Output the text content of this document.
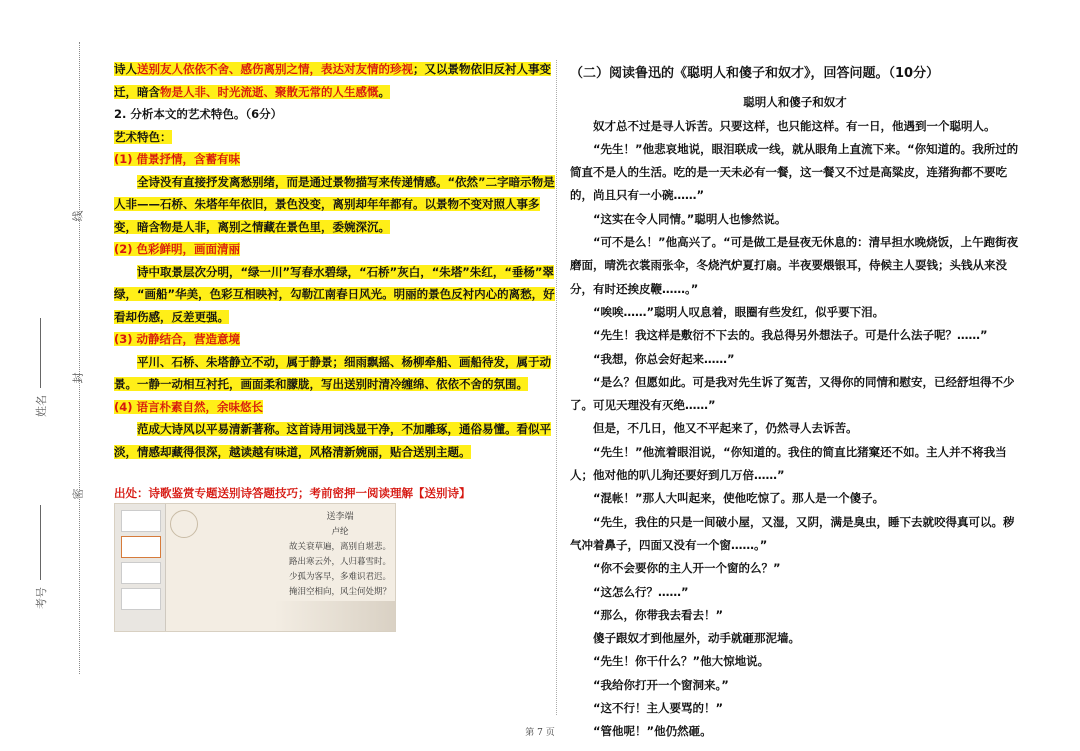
姓名
考号
线
封
密

诗人送别友人依依不舍、感伤离别之情，表达对友情的珍视；又以景物依旧反衬人事变迁，暗含物是人非、时光流逝、聚散无常的人生感慨。

2. 分析本文的艺术特色。（6分）

艺术特色：

(1) 借景抒情，含蓄有味

全诗没有直接抒发离愁别绪，而是通过景物描写来传递情感。“依然”二字暗示物是人非——石桥、朱塔年年依旧，景色没变，离别却年年都有。以景物不变对照人事多变，暗含物是人非，离别之情藏在景色里，委婉深沉。

(2) 色彩鲜明，画面清丽

诗中取景层次分明，“绿一川”写春水碧绿，“石桥”灰白，“朱塔”朱红，“垂杨”翠绿，“画船”华美，色彩互相映衬，勾勒江南春日风光。明丽的景色反衬内心的离愁，好看却伤感，反差更强。

(3) 动静结合，营造意境

平川、石桥、朱塔静立不动，属于静景；细雨飘摇、杨柳牵船、画船待发，属于动景。一静一动相互衬托，画面柔和朦胧，写出送别时清冷缠绵、依依不舍的氛围。

(4) 语言朴素自然，余味悠长

范成大诗风以平易清新著称。这首诗用词浅显干净，不加雕琢，通俗易懂。看似平淡，情感却藏得很深，越读越有味道，风格清新婉丽，贴合送别主题。

出处：诗歌鉴赏专题送别诗答题技巧；考前密押一阅读理解【送别诗】

送李端
卢纶
故关衰草遍，离别自堪悲。
路出寒云外，人归暮雪时。
少孤为客早，多难识君迟。
掩泪空相向，风尘何处期？

（二）阅读鲁迅的《聪明人和傻子和奴才》，回答问题。（10分）

聪明人和傻子和奴才

奴才总不过是寻人诉苦。只要这样，也只能这样。有一日，他遇到一个聪明人。

“先生！”他悲哀地说，眼泪联成一线，就从眼角上直流下来。“你知道的。我所过的简直不是人的生活。吃的是一天未必有一餐，这一餐又不过是高粱皮，连猪狗都不要吃的，尚且只有一小碗……”

“这实在令人同情。”聪明人也惨然说。

“可不是么！”他高兴了。“可是做工是昼夜无休息的：清早担水晚烧饭，上午跑街夜磨面，晴洗衣裳雨张伞，冬烧汽炉夏打扇。半夜要煨银耳，侍候主人耍钱；头钱从来没分，有时还挨皮鞭……。”

“唉唉……”聪明人叹息着，眼圈有些发红，似乎要下泪。

“先生！我这样是敷衍不下去的。我总得另外想法子。可是什么法子呢？……”

“我想，你总会好起来……”

“是么？但愿如此。可是我对先生诉了冤苦，又得你的同情和慰安，已经舒坦得不少了。可见天理没有灭绝……”

但是，不几日，他又不平起来了，仍然寻人去诉苦。

“先生！”他流着眼泪说，“你知道的。我住的简直比猪窠还不如。主人并不将我当人；他对他的叭儿狗还要好到几万倍……”

“混帐！”那人大叫起来，使他吃惊了。那人是一个傻子。

“先生，我住的只是一间破小屋，又湿，又阴，满是臭虫，睡下去就咬得真可以。秽气冲着鼻子，四面又没有一个窗……。”

“你不会要你的主人开一个窗的么？”

“这怎么行？……”

“那么，你带我去看去！”

傻子跟奴才到他屋外，动手就砸那泥墙。

“先生！你干什么？”他大惊地说。

“我给你打开一个窗洞来。”

“这不行！主人要骂的！”

“管他呢！”他仍然砸。

第 7 页
